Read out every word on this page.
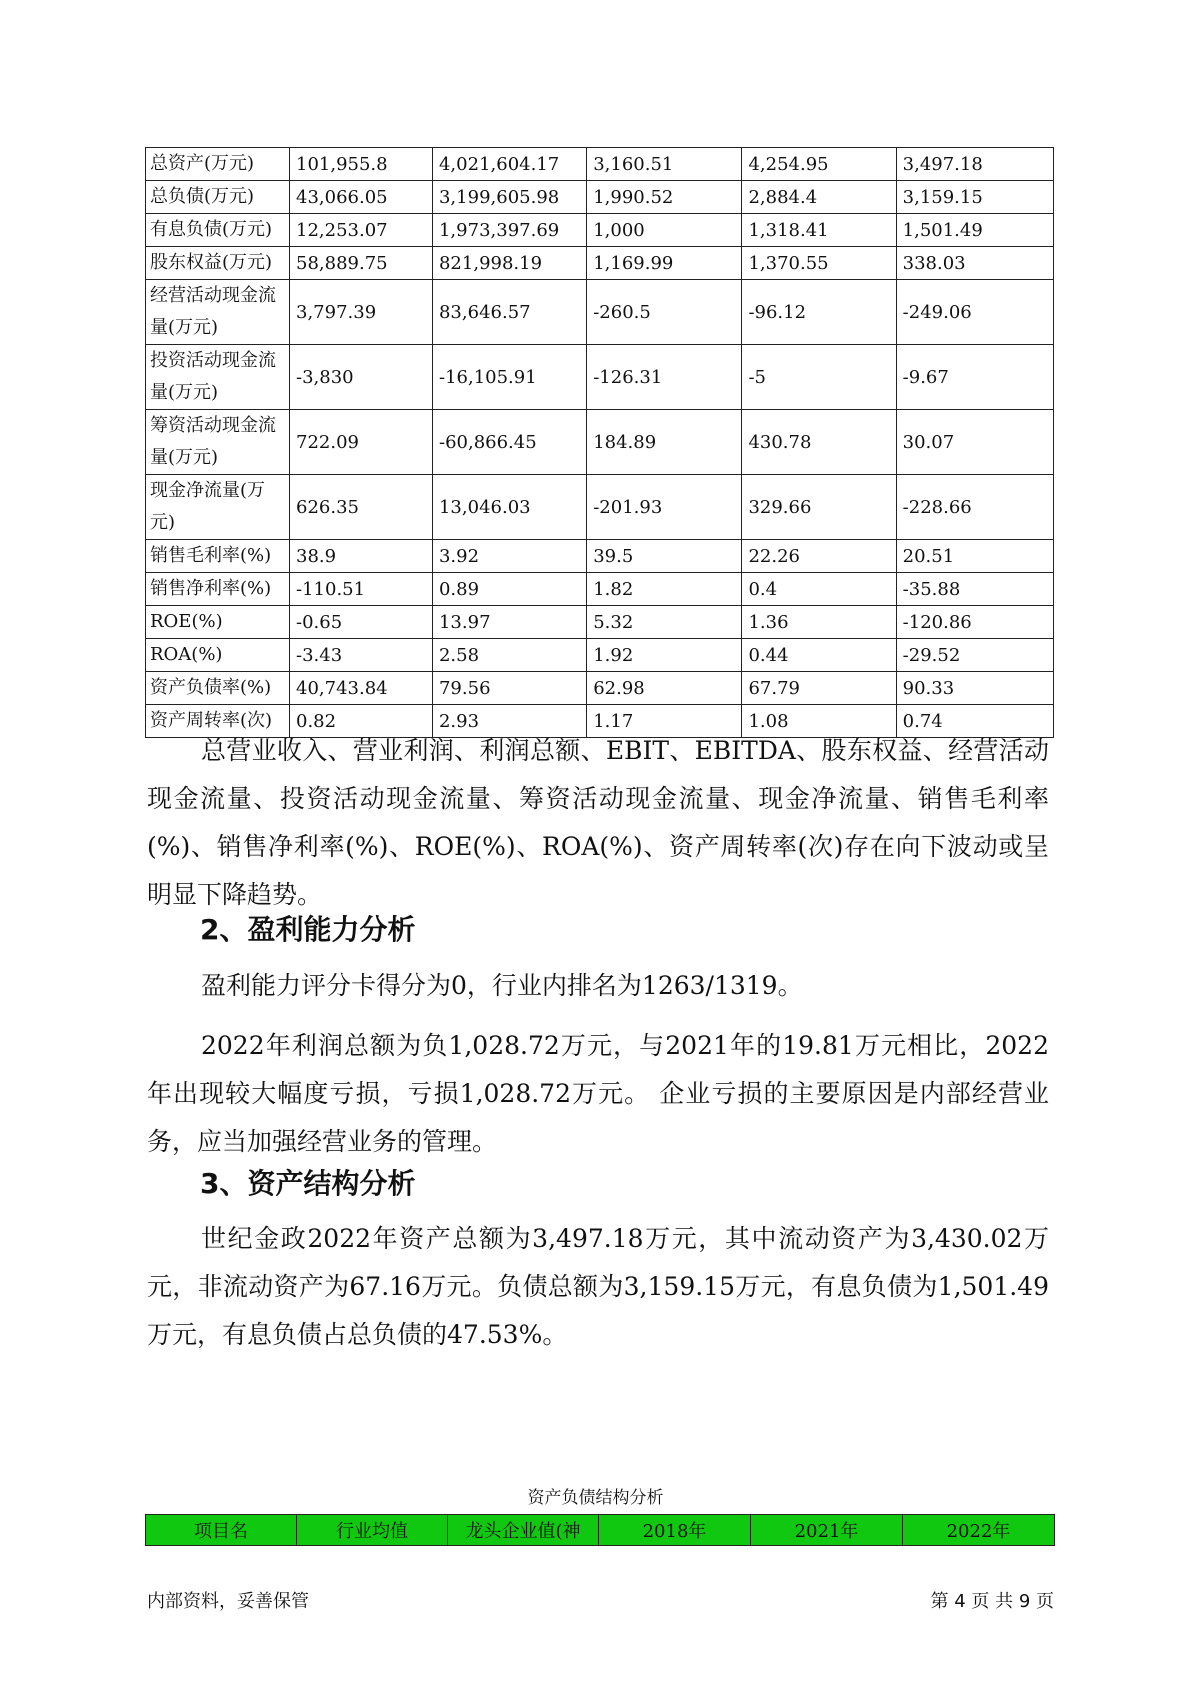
总资产(万元)	101,955.8	4,021,604.17	3,160.51	4,254.95	3,497.18
总负债(万元)	43,066.05	3,199,605.98	1,990.52	2,884.4	3,159.15
有息负债(万元)	12,253.07	1,973,397.69	1,000	1,318.41	1,501.49
股东权益(万元)	58,889.75	821,998.19	1,169.99	1,370.55	338.03
经营活动现金流量(万元)	3,797.39	83,646.57	-260.5	-96.12	-249.06
投资活动现金流量(万元)	-3,830	-16,105.91	-126.31	-5	-9.67
筹资活动现金流量(万元)	722.09	-60,866.45	184.89	430.78	30.07
现金净流量(万元)	626.35	13,046.03	-201.93	329.66	-228.66
销售毛利率(%)	38.9	3.92	39.5	22.26	20.51
销售净利率(%)	-110.51	0.89	1.82	0.4	-35.88
ROE(%)	-0.65	13.97	5.32	1.36	-120.86
ROA(%)	-3.43	2.58	1.92	0.44	-29.52
资产负债率(%)	40,743.84	79.56	62.98	67.79	90.33
资产周转率(次)	0.82	2.93	1.17	1.08	0.74

总营业收入、营业利润、利润总额、EBIT、EBITDA、股东权益、经营活动现金流量、投资活动现金流量、筹资活动现金流量、现金净流量、销售毛利率(%)、销售净利率(%)、ROE(%)、ROA(%)、资产周转率(次)存在向下波动或呈明显下降趋势。

2、盈利能力分析

盈利能力评分卡得分为0，行业内排名为1263/1319。

2022年利润总额为负1,028.72万元，与2021年的19.81万元相比，2022年出现较大幅度亏损，亏损1,028.72万元。 企业亏损的主要原因是内部经营业务，应当加强经营业务的管理。

3、资产结构分析

世纪金政2022年资产总额为3,497.18万元，其中流动资产为3,430.02万元，非流动资产为67.16万元。负债总额为3,159.15万元，有息负债为1,501.49万元，有息负债占总负债的47.53%。

资产负债结构分析
项目名	行业均值	龙头企业值(神	2018年	2021年	2022年
内部资料，妥善保管	第 4 页 共 9 页
